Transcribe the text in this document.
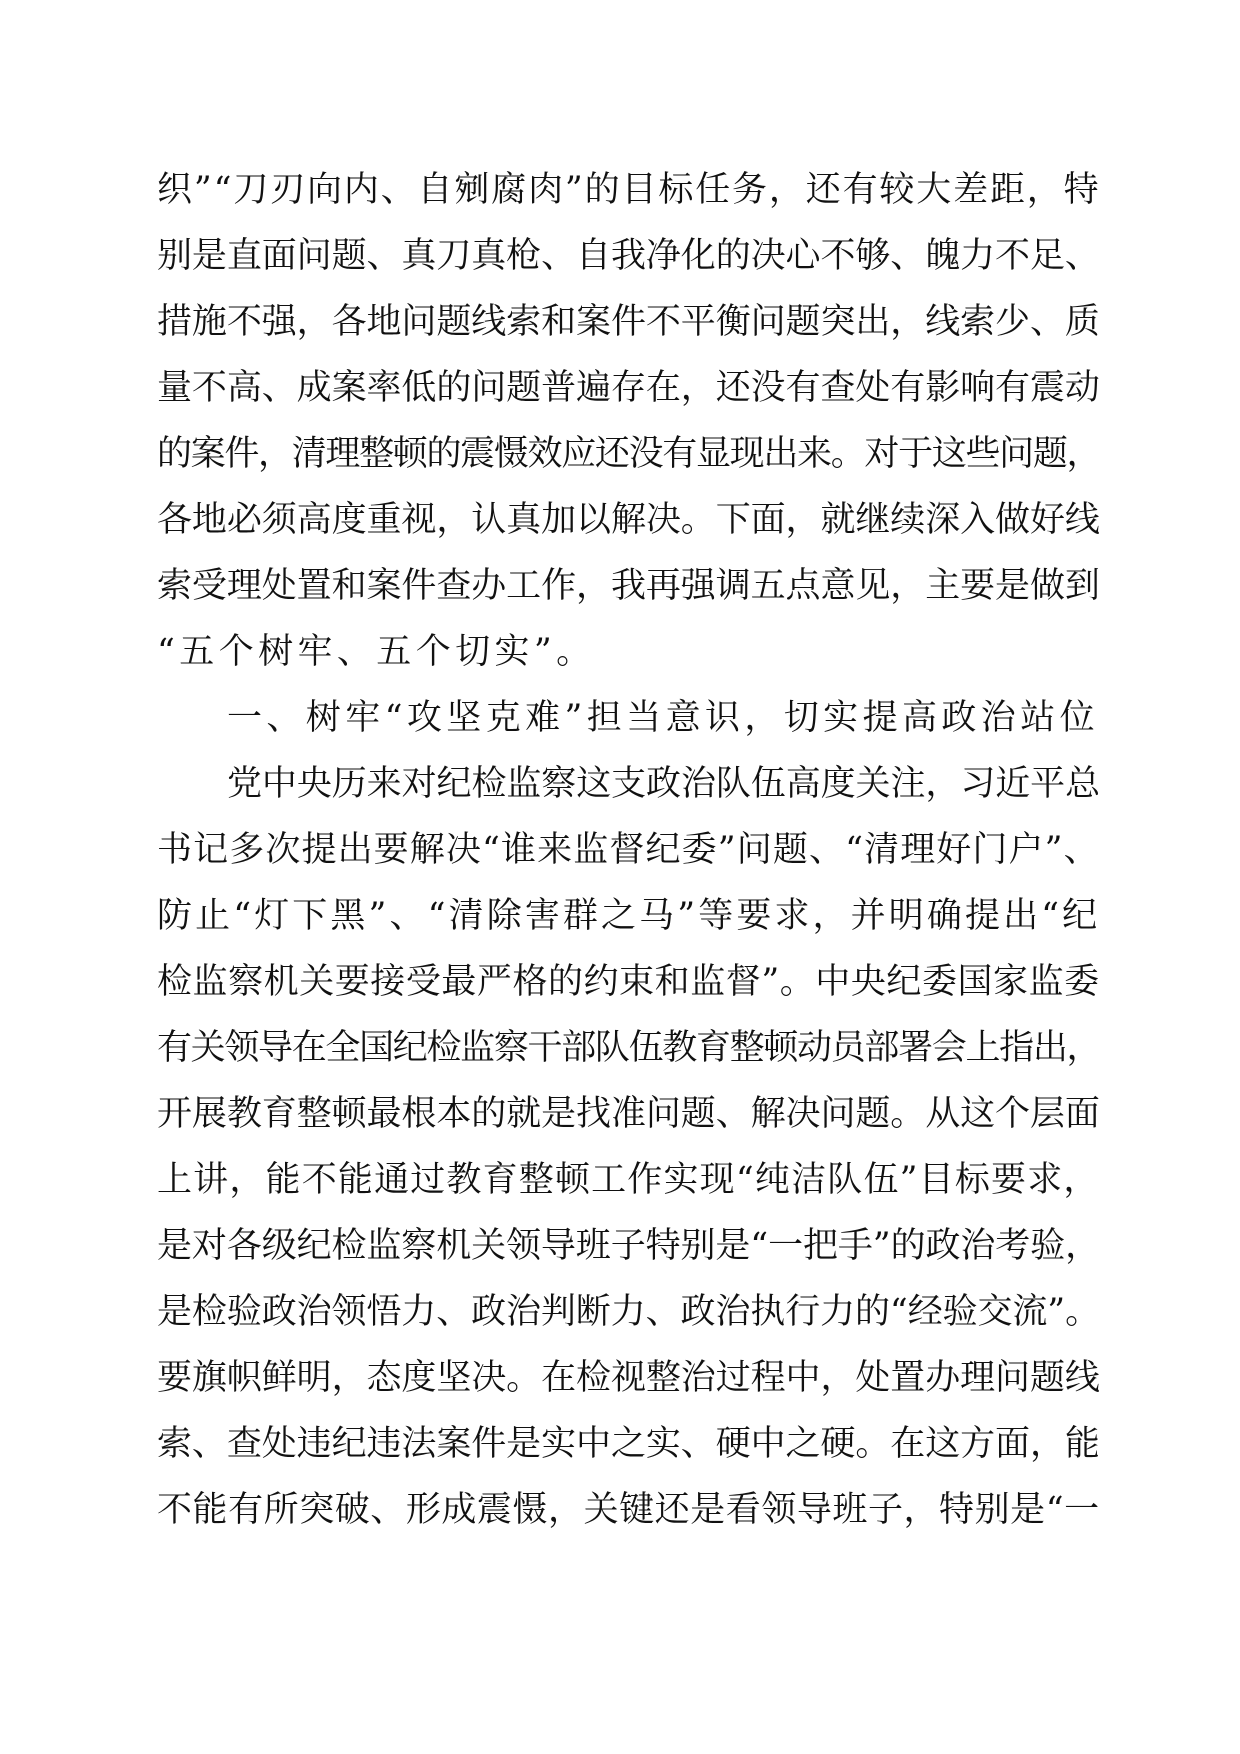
织”“刀刃向内、自剜腐肉”的目标任务，还有较大差距，特
别是直面问题、真刀真枪、自我净化的决心不够、魄力不足、
措施不强，各地问题线索和案件不平衡问题突出，线索少、质
量不高、成案率低的问题普遍存在，还没有查处有影响有震动
的案件，清理整顿的震慑效应还没有显现出来。对于这些问题，
各地必须高度重视，认真加以解决。下面，就继续深入做好线
索受理处置和案件查办工作，我再强调五点意见，主要是做到
“五个树牢、五个切实”。
一、树牢“攻坚克难”担当意识，切实提高政治站位
党中央历来对纪检监察这支政治队伍高度关注，习近平总
书记多次提出要解决“谁来监督纪委”问题、“清理好门户”、
防止“灯下黑”、“清除害群之马”等要求，并明确提出“纪
检监察机关要接受最严格的约束和监督”。中央纪委国家监委
有关领导在全国纪检监察干部队伍教育整顿动员部署会上指出，
开展教育整顿最根本的就是找准问题、解决问题。从这个层面
上讲，能不能通过教育整顿工作实现“纯洁队伍”目标要求，
是对各级纪检监察机关领导班子特别是“一把手”的政治考验，
是检验政治领悟力、政治判断力、政治执行力的“经验交流”。
要旗帜鲜明，态度坚决。在检视整治过程中，处置办理问题线
索、查处违纪违法案件是实中之实、硬中之硬。在这方面，能
不能有所突破、形成震慑，关键还是看领导班子，特别是“一
